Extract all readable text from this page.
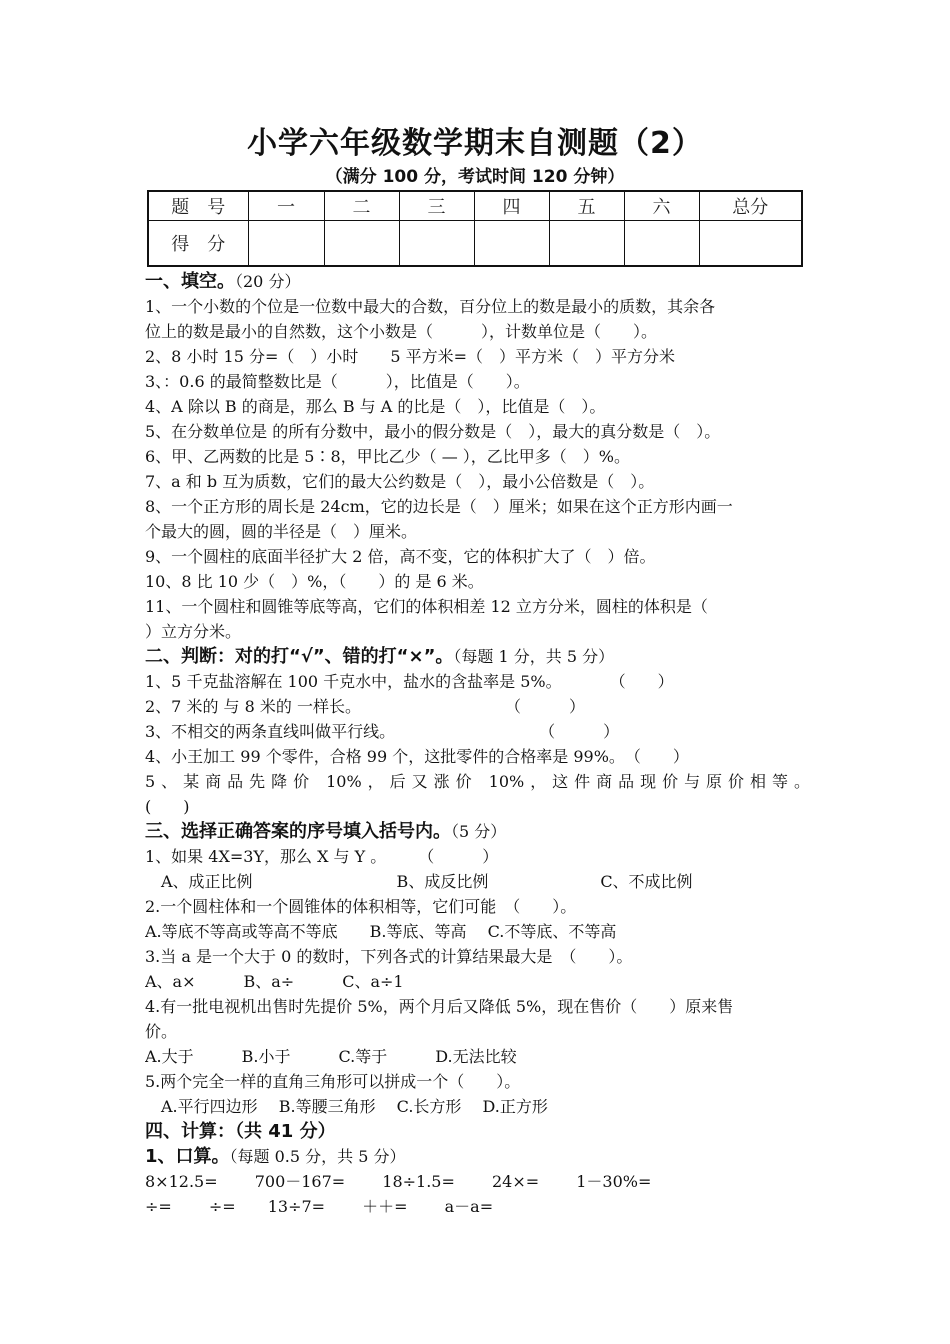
小学六年级数学期末自测题（2）
（满分 100 分，考试时间 120 分钟）
题　号	一	二	三	四	五	六	总分
得　分							
一、填空。（20 分）
1、一个小数的个位是一位数中最大的合数，百分位上的数是最小的质数，其余各
位上的数是最小的自然数，这个小数是（　　　），计数单位是（　　）。
2、8 小时 15 分=（　）小时　　5 平方米=（　）平方米（　）平方分米
3、：0.6 的最简整数比是（　　　），比值是（　　）。
4、A 除以 B 的商是，那么 B 与 A 的比是（　），比值是（　）。
5、在分数单位是 的所有分数中，最小的假分数是（　），最大的真分数是（　）。
6、甲、乙两数的比是 5∶8，甲比乙少（ — ），乙比甲多（　）%。
7、a 和 b 互为质数，它们的最大公约数是（　），最小公倍数是（　）。
8、一个正方形的周长是 24cm，它的边长是（　）厘米；如果在这个正方形内画一
个最大的圆，圆的半径是（　）厘米。
9、一个圆柱的底面半径扩大 2 倍，高不变，它的体积扩大了（　）倍。
10、8 比 10 少（　）%，（　　）的 是 6 米。
11、一个圆柱和圆锥等底等高，它们的体积相差 12 立方分米，圆柱的体积是（
）立方分米。
二、判断：对的打“√”、错的打“×”。（每题 1 分，共 5 分）
1、5 千克盐溶解在 100 千克水中，盐水的含盐率是 5%。　　　　（　　）
2、7 米的 与 8 米的 一样长。　　　　　　　　　　（　　　）
3、不相交的两条直线叫做平行线。　　　　　　　　　　（　　　）
4、小王加工 99 个零件，合格 99 个，这批零件的合格率是 99%。　（　　）
5、某商品先降价 10%，后又涨价 10%，这件商品现价与原价相等。
(　　)
三、选择正确答案的序号填入括号内。（5 分）
1、如果 4X=3Y，那么 X 与 Y 。　　　（　　　）
　A、成正比例　　　　　　　　　B、成反比例　　　　　　　C、不成比例
2.一个圆柱体和一个圆锥体的体积相等，它们可能　（　　）。
A.等底不等高或等高不等底　　B.等底、等高　 C.不等底、不等高
3.当 a 是一个大于 0 的数时，下列各式的计算结果最大是　（　　）。
A、a×　　　B、a÷　　　C、a÷1
4.有一批电视机出售时先提价 5%，两个月后又降低 5%，现在售价（　　）原来售
价。
A.大于　　　B.小于　　　C.等于　　　D.无法比较
5.两个完全一样的直角三角形可以拼成一个（　　）。
　A.平行四边形　 B.等腰三角形　 C.长方形　 D.正方形
四、计算：（共 41 分）
1、口算。（每题 0.5 分，共 5 分）
8×12.5=　　 700－167=　　 18÷1.5=　　 24×=　　 1－30%=
÷=　　 ÷=　　13÷7=　　 ＋＋=　　 a－a=
